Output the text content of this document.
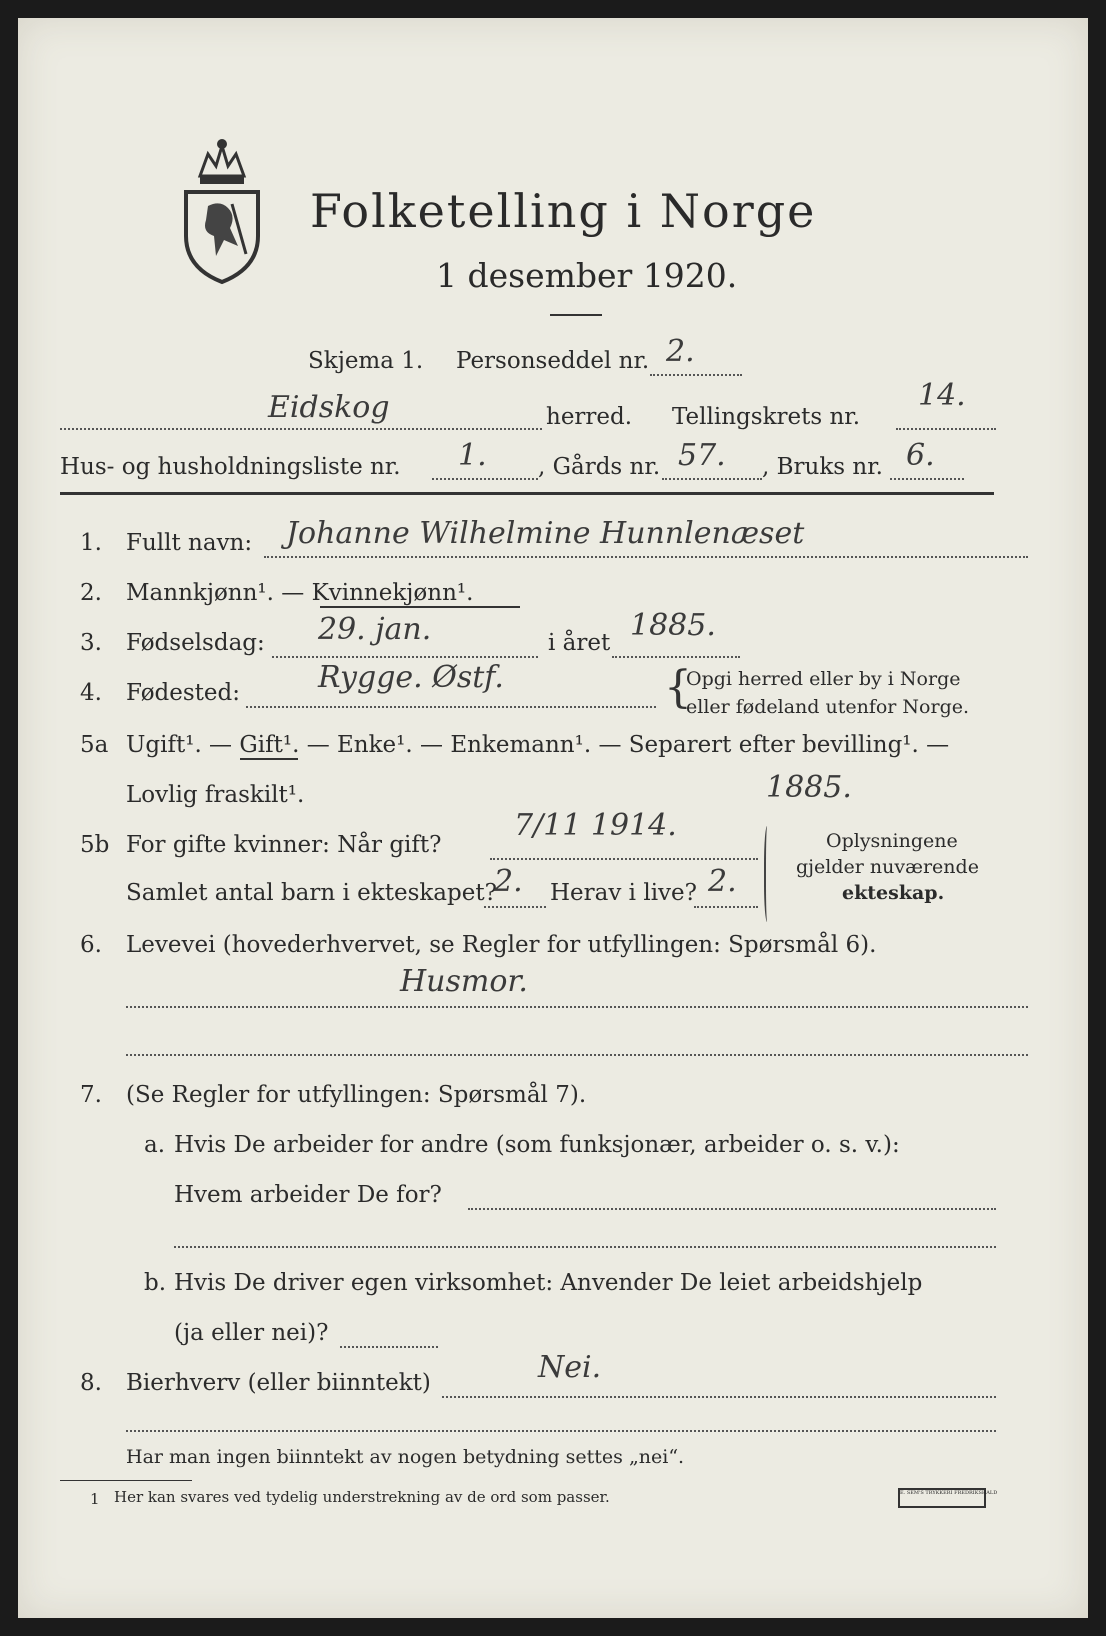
Folketelling i Norge
1 desember 1920.
Skjema 1. Personseddel nr. 2.
Eidskog	herred. Tellingskrets nr.
14.
Hus- og husholdningsliste nr. 1. , Gårds nr. 57. , Bruks nr. 6.
1. Fullt navn: Johanne Wilhelmine Hunnlenæset
2. Mannkjønn¹. — Kvinnekjønn¹.
3. Fødselsdag: 29. jan.	i året 1885.
4. Fødested:	Rygge. Østf.	{
Opgi herred eller by i Norge
eller fødeland utenfor Norge.
5a Ugift¹. — Gift¹. — Enke¹. — Enkemann¹. — Separert efter bevilling¹. —
Lovlig fraskilt¹.	1885.
5b For gifte kvinner: Når gift?
7/11 1914.
Samlet antal barn i ekteskapet?
2. Herav i live? 2.
Oplysningene
gjelder nuværende
ekteskap.
6. Levevei (hovederhvervet, se Regler for utfyllingen: Spørsmål 6).
Husmor.
7. (Se Regler for utfyllingen: Spørsmål 7).
a. Hvis De arbeider for andre (som funksjonær, arbeider o. s. v.):
Hvem arbeider De for?
b. Hvis De driver egen virksomhet: Anvender De leiet arbeidshjelp
(ja eller nei)?
8. Bierhverv (eller biinntekt)	Nei.
Har man ingen biinntekt av nogen betydning settes „nei“.
1 Her kan svares ved tydelig understrekning av de ord som passer.	E. SEM'S TRYKKERI FREDRIKSHALD
